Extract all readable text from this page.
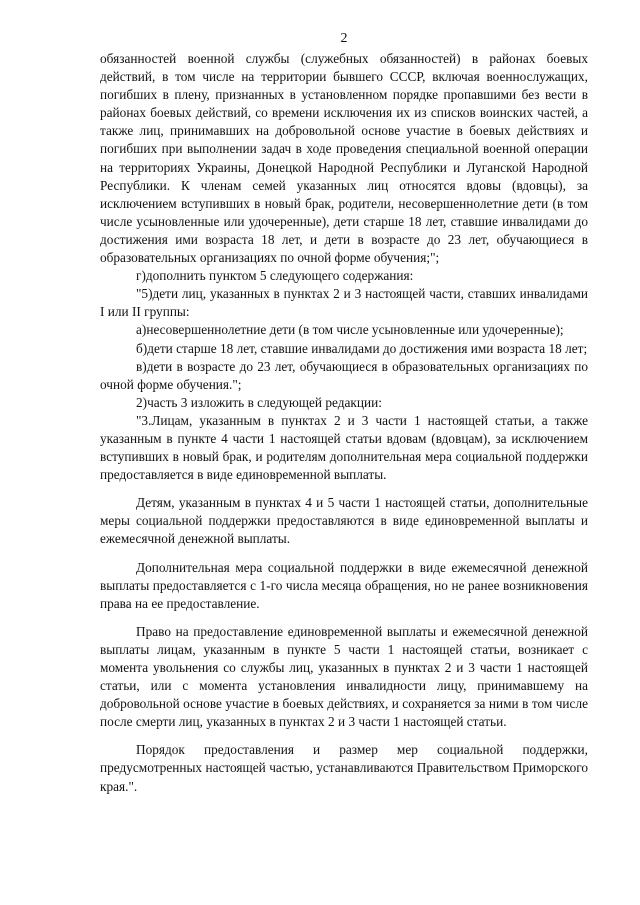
2

обязанностей военной службы (служебных обязанностей) в районах боевых действий, в том числе на территории бывшего СССР, включая военнослужащих, погибших в плену, признанных в установленном порядке пропавшими без вести в районах боевых действий, со времени исключения их из списков воинских частей, а также лиц, принимавших на добровольной основе участие в боевых действиях и погибших при выполнении задач в ходе проведения специальной военной операции на территориях Украины, Донецкой Народной Республики и Луганской Народной Республики. К членам семей указанных лиц относятся вдовы (вдовцы), за исключением вступивших в новый брак, родители, несовершеннолетние дети (в том числе усыновленные или удочеренные), дети старше 18 лет, ставшие инвалидами до достижения ими возраста 18 лет, и дети в возрасте до 23 лет, обучающиеся в образовательных организациях по очной форме обучения;";

г)дополнить пунктом 5 следующего содержания:

"5)дети лиц, указанных в пунктах 2 и 3 настоящей части, ставших инвалидами I или II группы:

а)несовершеннолетние дети (в том числе усыновленные или удочеренные);

б)дети старше 18 лет, ставшие инвалидами до достижения ими возраста 18 лет;

в)дети в возрасте до 23 лет, обучающиеся в образовательных организациях по очной форме обучения.";

2)часть 3 изложить в следующей редакции:

"3.Лицам, указанным в пунктах 2 и 3 части 1 настоящей статьи, а также указанным в пункте 4 части 1 настоящей статьи вдовам (вдовцам), за исключением вступивших в новый брак, и родителям дополнительная мера социальной поддержки предоставляется в виде единовременной выплаты.

Детям, указанным в пунктах 4 и 5 части 1 настоящей статьи, дополнительные меры социальной поддержки предоставляются в виде единовременной выплаты и ежемесячной денежной выплаты.

Дополнительная мера социальной поддержки в виде ежемесячной денежной выплаты предоставляется с 1-го числа месяца обращения, но не ранее возникновения права на ее предоставление.

Право на предоставление единовременной выплаты и ежемесячной денежной выплаты лицам, указанным в пункте 5 части 1 настоящей статьи, возникает с момента увольнения со службы лиц, указанных в пунктах 2 и 3 части 1 настоящей статьи, или с момента установления инвалидности лицу, принимавшему на добровольной основе участие в боевых действиях, и сохраняется за ними в том числе после смерти лиц, указанных в пунктах 2 и 3 части 1 настоящей статьи.

Порядок предоставления и размер мер социальной поддержки, предусмотренных настоящей частью, устанавливаются Правительством Приморского края.".
